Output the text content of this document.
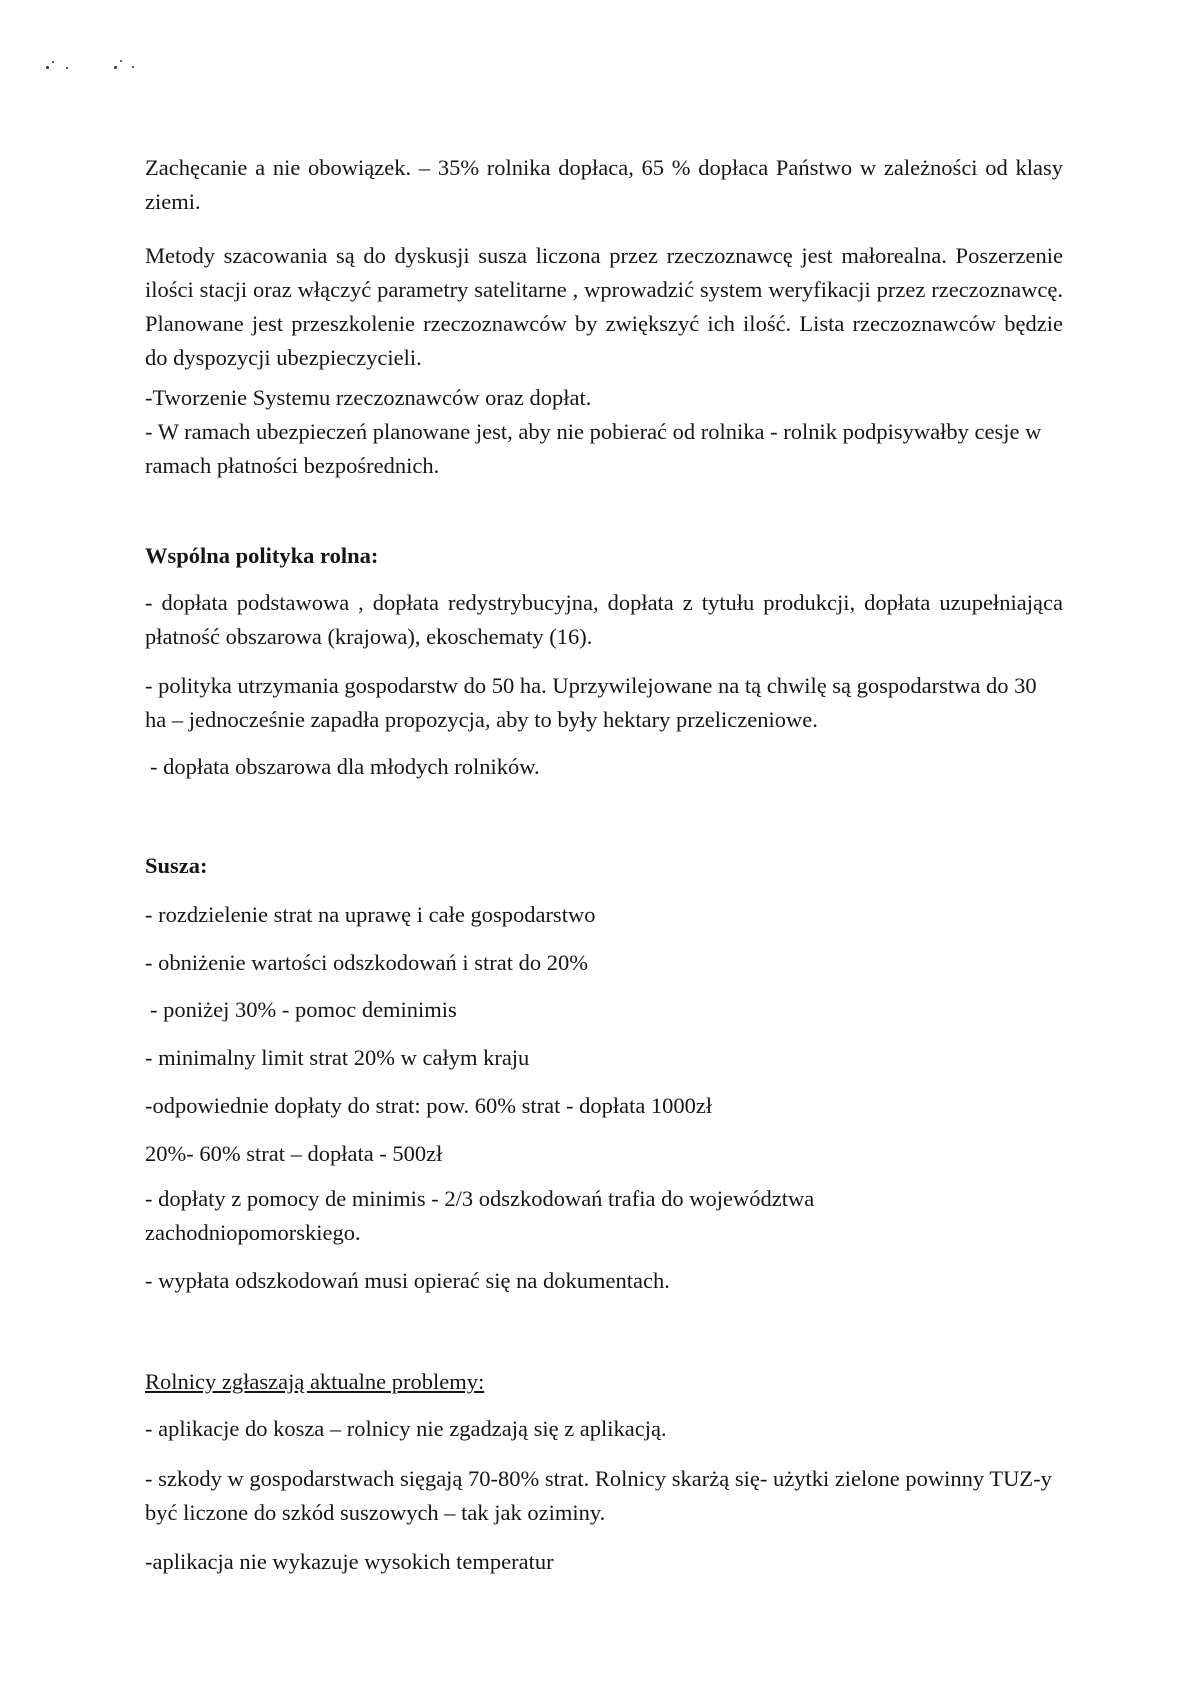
Zachęcanie a nie obowiązek. – 35% rolnika dopłaca, 65 % dopłaca Państwo w zależności od klasy ziemi.

Metody szacowania są do dyskusji susza liczona przez rzeczoznawcę jest małorealna. Poszerzenie ilości stacji oraz włączyć parametry satelitarne , wprowadzić system weryfikacji przez rzeczoznawcę. Planowane jest przeszkolenie rzeczoznawców by zwiększyć ich ilość. Lista rzeczoznawców będzie do dyspozycji ubezpieczycieli.

-Tworzenie Systemu rzeczoznawców oraz dopłat.

- W ramach ubezpieczeń planowane jest, aby nie pobierać od rolnika - rolnik podpisywałby cesje w ramach płatności bezpośrednich.

Wspólna polityka rolna:

- dopłata podstawowa , dopłata redystrybucyjna, dopłata z tytułu produkcji, dopłata uzupełniająca płatność obszarowa (krajowa), ekoschematy (16).

- polityka utrzymania gospodarstw do 50 ha. Uprzywilejowane na tą chwilę są gospodarstwa do 30 ha – jednocześnie zapadła propozycja, aby to były hektary przeliczeniowe.

- dopłata obszarowa dla młodych rolników.

Susza:

- rozdzielenie strat na uprawę i całe gospodarstwo

- obniżenie wartości odszkodowań i strat do 20%

- poniżej 30% - pomoc deminimis

- minimalny limit strat 20% w całym kraju

-odpowiednie dopłaty do strat: pow. 60% strat - dopłata 1000zł

20%- 60% strat – dopłata - 500zł

- dopłaty z pomocy de minimis - 2/3 odszkodowań trafia do województwa zachodniopomorskiego.

- wypłata odszkodowań musi opierać się na dokumentach.

Rolnicy zgłaszają aktualne problemy:

- aplikacje do kosza – rolnicy nie zgadzają się z aplikacją.

- szkody w gospodarstwach sięgają 70-80% strat. Rolnicy skarżą się- użytki zielone powinny TUZ-y być liczone do szkód suszowych – tak jak oziminy.

-aplikacja nie wykazuje wysokich temperatur
